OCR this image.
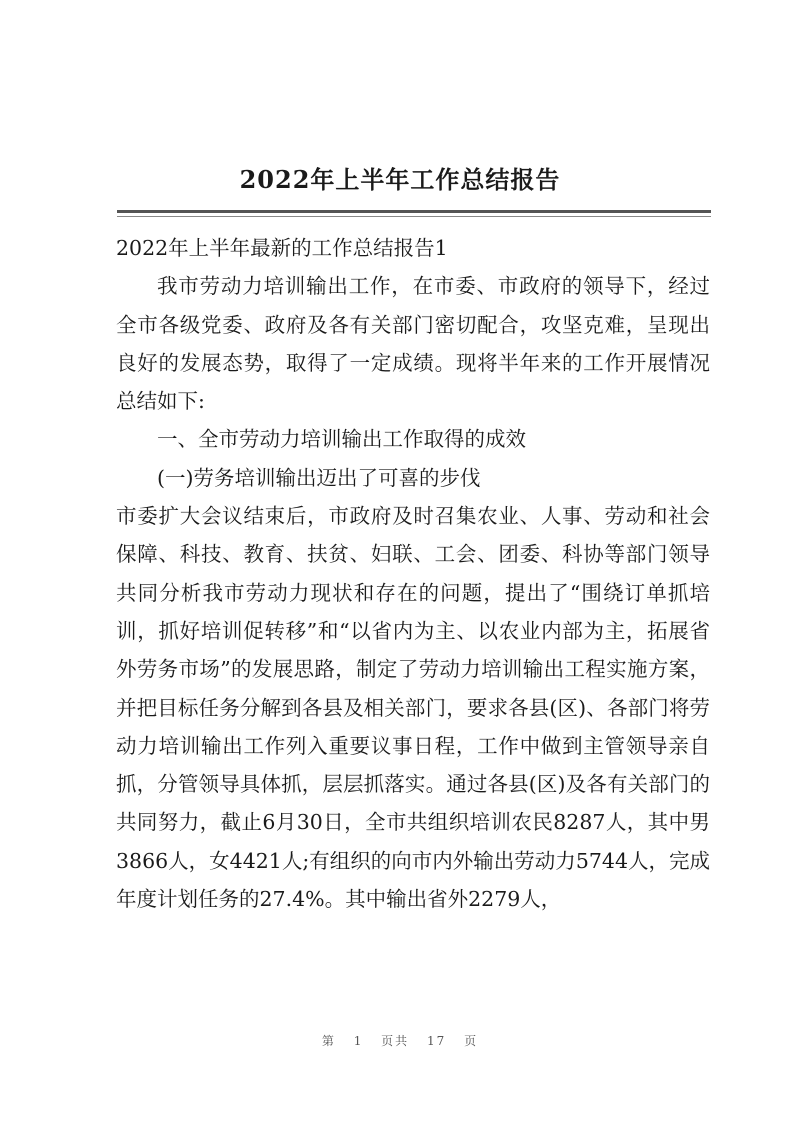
2022年上半年工作总结报告

2022年上半年最新的工作总结报告1

我市劳动力培训输出工作，在市委、市政府的领导下，经过全市各级党委、政府及各有关部门密切配合，攻坚克难，呈现出良好的发展态势，取得了一定成绩。现将半年来的工作开展情况总结如下:

一、全市劳动力培训输出工作取得的成效

(一)劳务培训输出迈出了可喜的步伐

市委扩大会议结束后，市政府及时召集农业、人事、劳动和社会保障、科技、教育、扶贫、妇联、工会、团委、科协等部门领导共同分析我市劳动力现状和存在的问题，提出了“围绕订单抓培训，抓好培训促转移”和“以省内为主、以农业内部为主，拓展省外劳务市场”的发展思路，制定了劳动力培训输出工程实施方案，并把目标任务分解到各县及相关部门，要求各县(区)、各部门将劳动力培训输出工作列入重要议事日程，工作中做到主管领导亲自抓，分管领导具体抓，层层抓落实。通过各县(区)及各有关部门的共同努力，截止6月30日，全市共组织培训农民8287人，其中男3866人，女4421人;有组织的向市内外输出劳动力5744人，完成年度计划任务的27.4%。其中输出省外2279人，

第 1 页共 17 页
